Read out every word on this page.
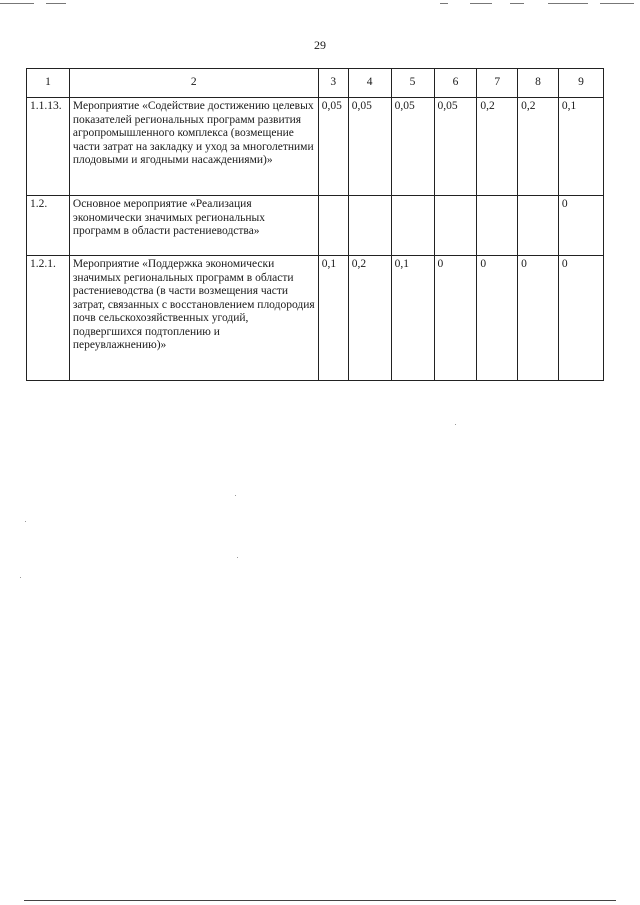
29
1	2	3	4	5	6	7	8	9
1.1.13.	Мероприятие «Содействие достижению целевых показателей региональных программ развития агропромышленного комплекса (возмещение части затрат на закладку и уход за многолетними плодовыми и ягодными насаждениями)»	0,05	0,05	0,05	0,05	0,2	0,2	0,1
1.2.	Основное мероприятие «Реализация экономически значимых региональных программ в области растениеводства»							0
1.2.1.	Мероприятие «Поддержка экономически значимых региональных программ в области растениеводства (в части возмещения части затрат, связанных с восстановлением плодородия почв сельскохозяйственных угодий, подвергшихся подтоплению и переувлажнению)»	0,1	0,2	0,1	0	0	0	0
